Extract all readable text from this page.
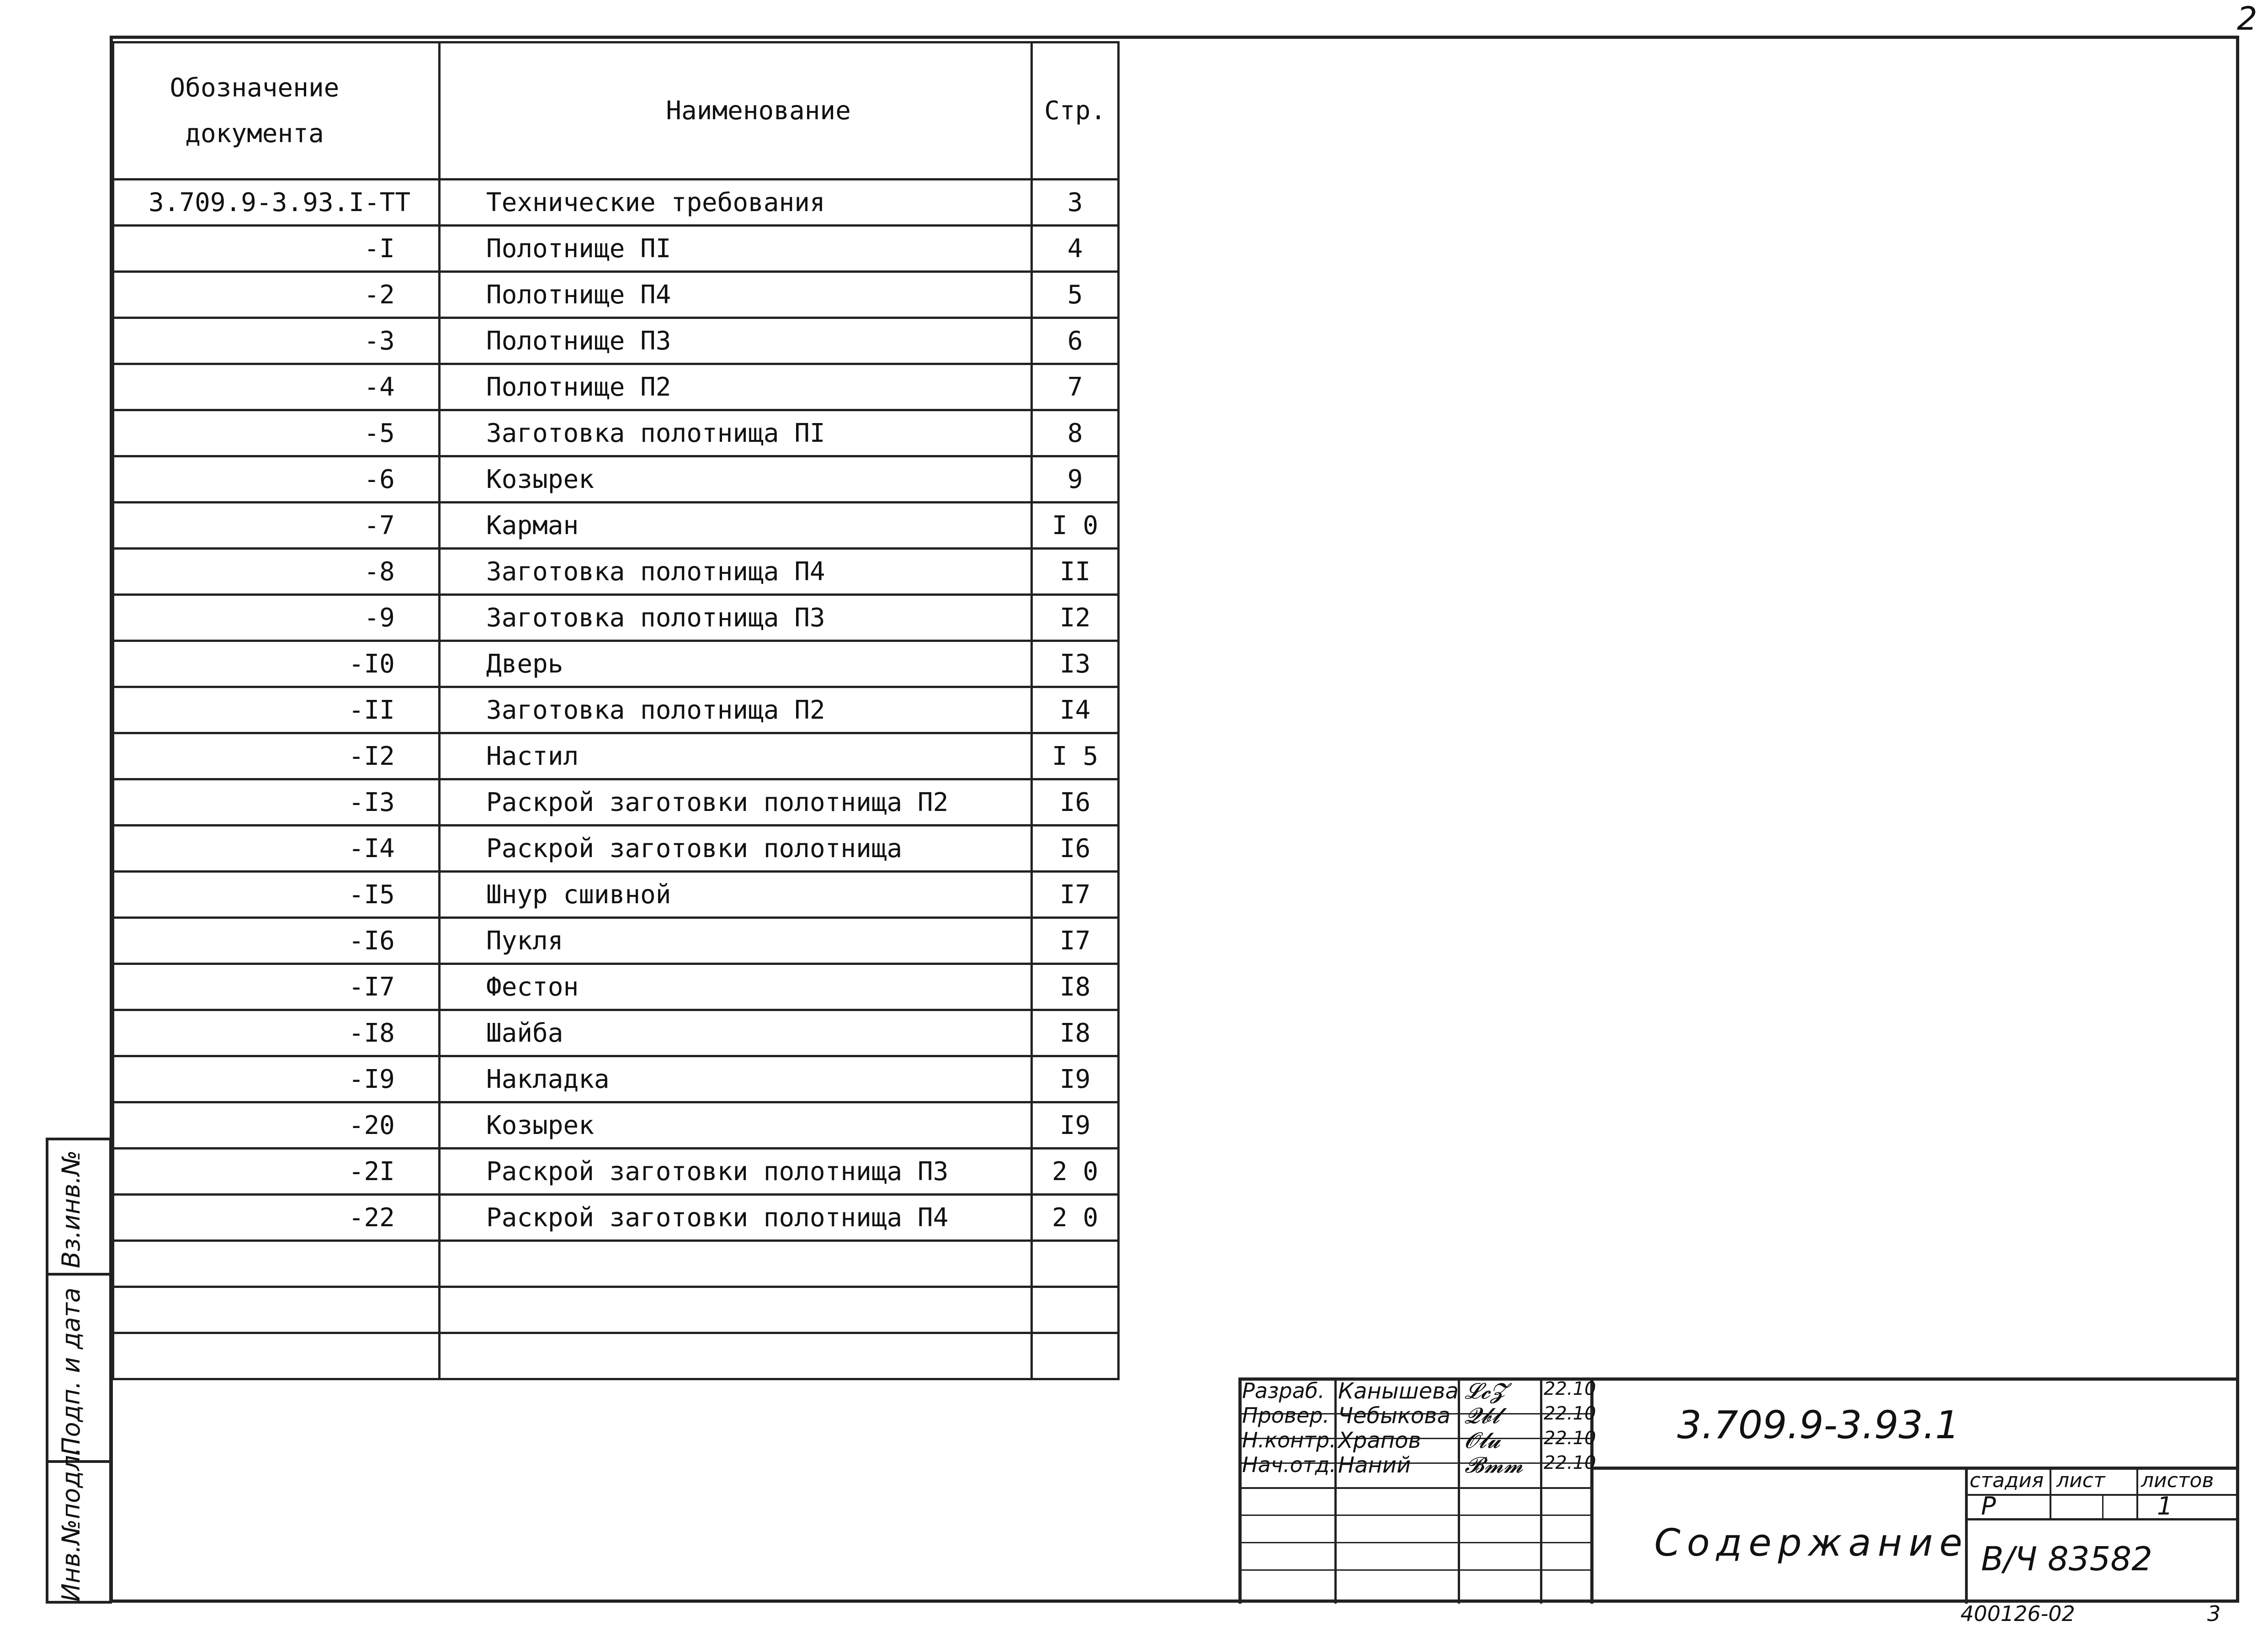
2
Обозначение документа	Наименование	Стр.
3.709.9-3.93.I-TT	Технические требования	3
-I	Полотнище ПI	4
-2	Полотнище П4	5
-3	Полотнище П3	6
-4	Полотнище П2	7
-5	Заготовка полотнища ПI	8
-6	Козырек	9
-7	Карман	I 0
-8	Заготовка полотнища П4	II
-9	Заготовка полотнища П3	I2
-I0	Дверь	I3
-II	Заготовка полотнища П2	I4
-I2	Настил	I 5
-I3	Раскрой заготовки полотнища П2	I6
-I4	Раскрой заготовки полотнища	I6
-I5	Шнур сшивной	I7
-I6	Пукля	I7
-I7	Фестон	I8
-I8	Шайба	I8
-I9	Накладка	I9
-20	Козырек	I9
-2I	Раскрой заготовки полотнища П3	2 0
-22	Раскрой заготовки полотнища П4	2 0

Вз.инв.№
Подп. и дата
Инв.№подл.
Разраб. Канышева	22.10
Провер. Чебыкова	22.10
Н.контр. Храпов	22.10
Нач.отд. Наний	22.10
𝓛𝓬𝓩
𝓠𝓫𝓵
𝓞𝓵𝓾
𝓑𝓶𝓶
3.709.9-3.93.1
Содержание
стадия лист листов
Р	1
В/Ч 83582
400126-02	3
